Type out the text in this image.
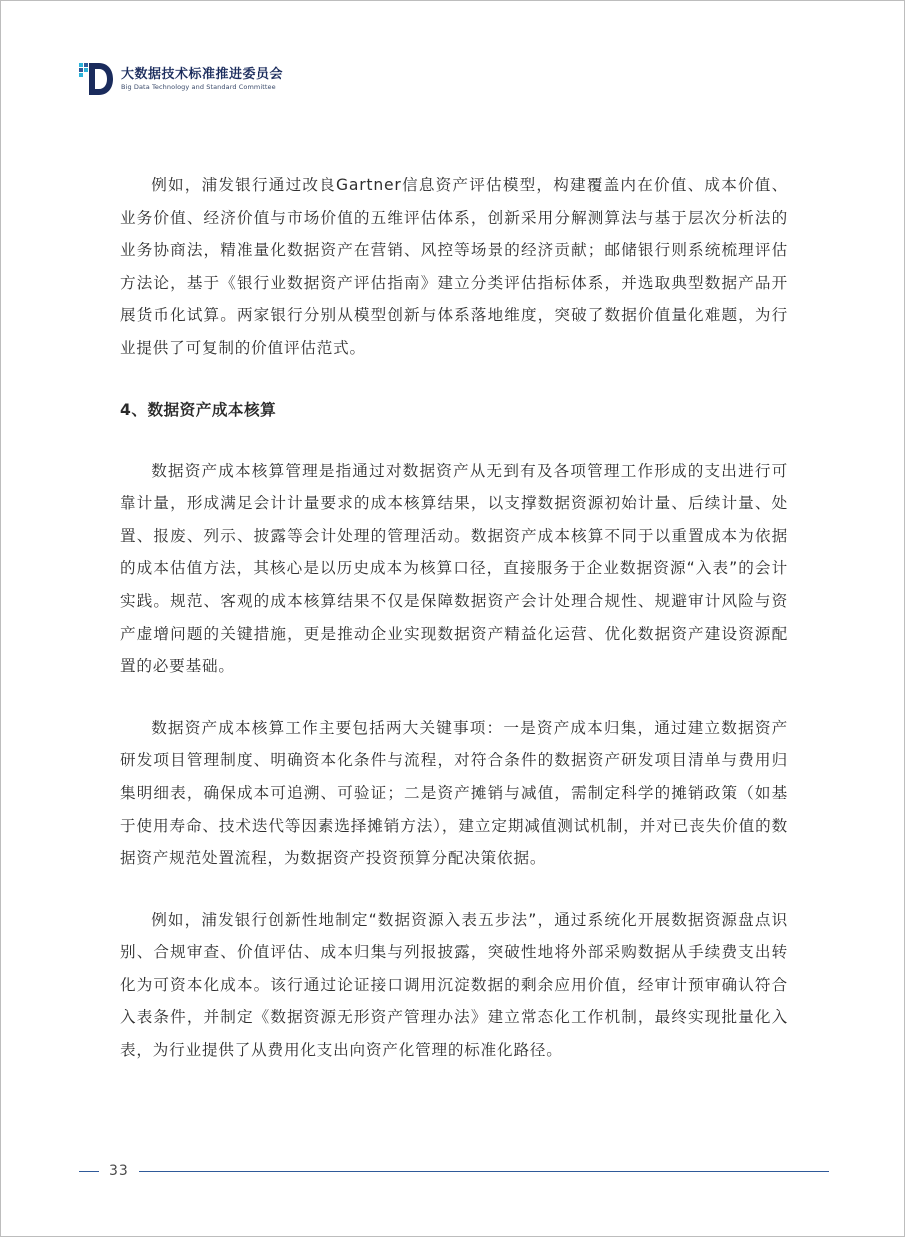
大数据技术标准推进委员会
Big Data Technology and Standard Committee

例如，浦发银行通过改良Gartner信息资产评估模型，构建覆盖内在价值、成本价值、业务价值、经济价值与市场价值的五维评估体系，创新采用分解测算法与基于层次分析法的业务协商法，精准量化数据资产在营销、风控等场景的经济贡献；邮储银行则系统梳理评估方法论，基于《银行业数据资产评估指南》建立分类评估指标体系，并选取典型数据产品开展货币化试算。两家银行分别从模型创新与体系落地维度，突破了数据价值量化难题，为行业提供了可复制的价值评估范式。

4、数据资产成本核算

数据资产成本核算管理是指通过对数据资产从无到有及各项管理工作形成的支出进行可靠计量，形成满足会计计量要求的成本核算结果，以支撑数据资源初始计量、后续计量、处置、报废、列示、披露等会计处理的管理活动。数据资产成本核算不同于以重置成本为依据的成本估值方法，其核心是以历史成本为核算口径，直接服务于企业数据资源“入表”的会计实践。规范、客观的成本核算结果不仅是保障数据资产会计处理合规性、规避审计风险与资产虚增问题的关键措施，更是推动企业实现数据资产精益化运营、优化数据资产建设资源配置的必要基础。

数据资产成本核算工作主要包括两大关键事项：一是资产成本归集，通过建立数据资产研发项目管理制度、明确资本化条件与流程，对符合条件的数据资产研发项目清单与费用归集明细表，确保成本可追溯、可验证；二是资产摊销与减值，需制定科学的摊销政策（如基于使用寿命、技术迭代等因素选择摊销方法），建立定期减值测试机制，并对已丧失价值的数据资产规范处置流程，为数据资产投资预算分配决策依据。

例如，浦发银行创新性地制定“数据资源入表五步法”，通过系统化开展数据资源盘点识别、合规审查、价值评估、成本归集与列报披露，突破性地将外部采购数据从手续费支出转化为可资本化成本。该行通过论证接口调用沉淀数据的剩余应用价值，经审计预审确认符合入表条件，并制定《数据资源无形资产管理办法》建立常态化工作机制，最终实现批量化入表，为行业提供了从费用化支出向资产化管理的标准化路径。

33
